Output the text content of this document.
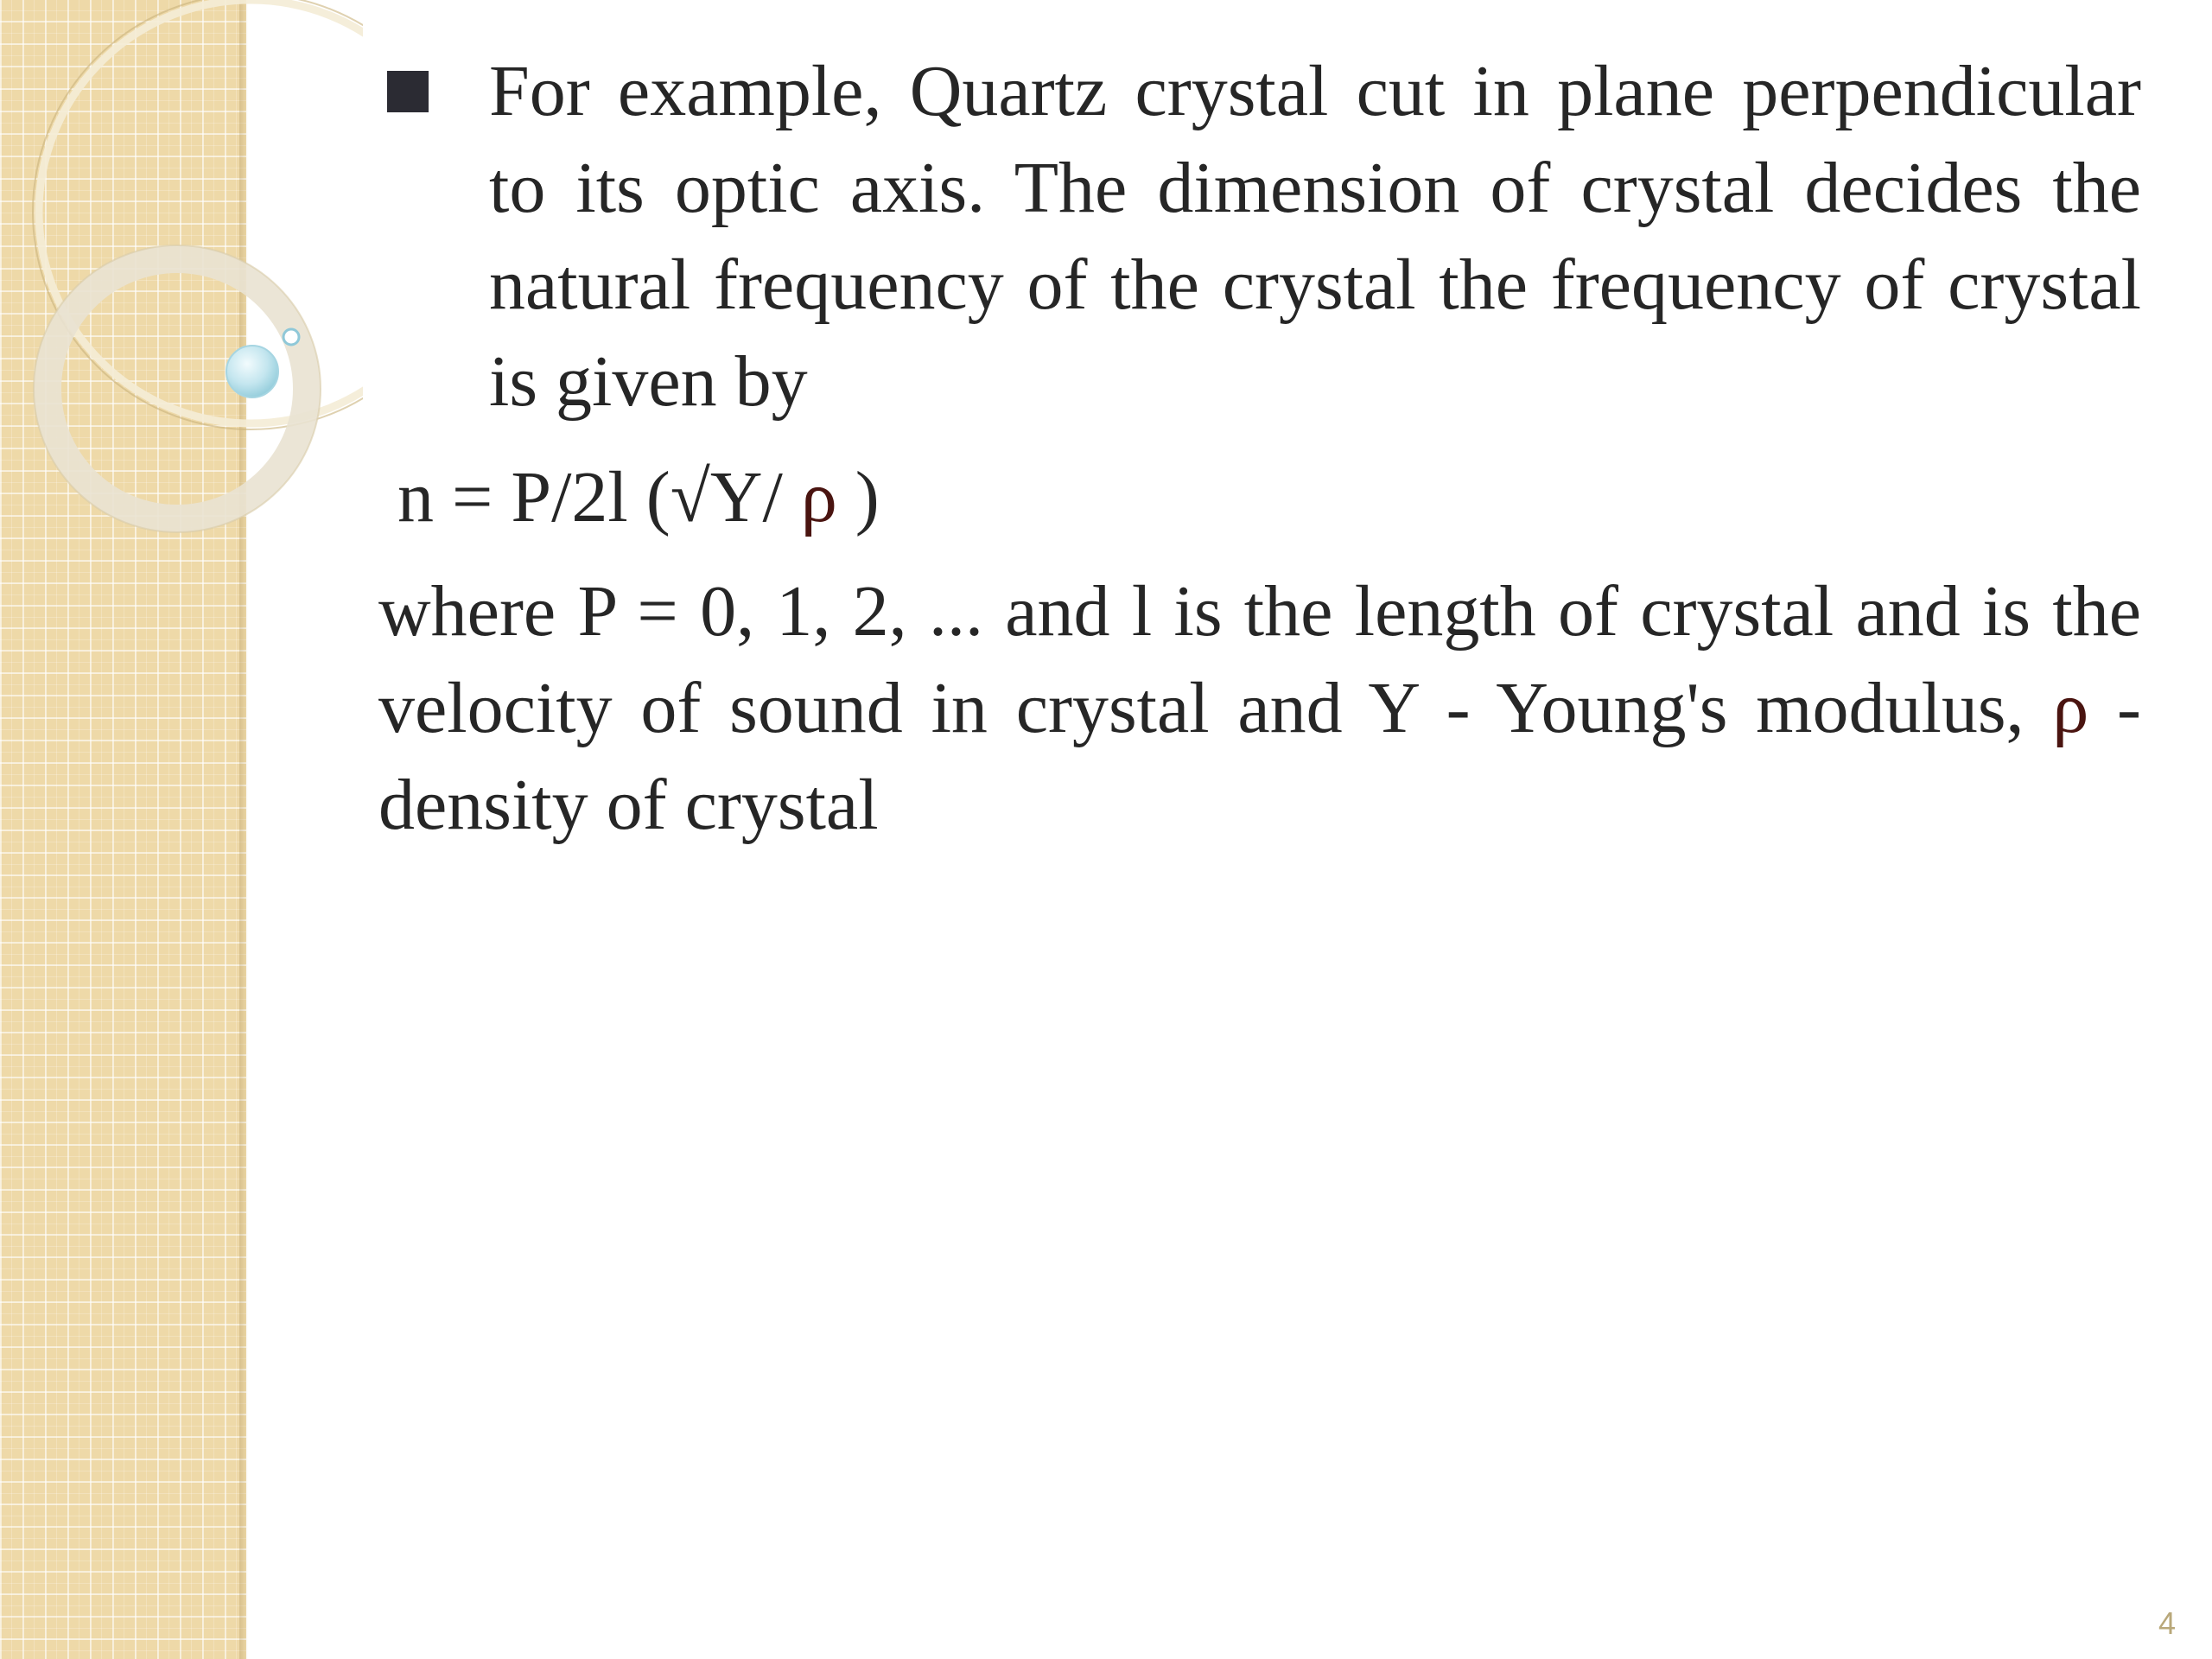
For example, Quartz crystal cut in plane perpendicular to its optic axis. The dimension of crystal decides the natural frequency of the crystal the frequency of crystal is given by

n = P/2l (√Y/ ρ )

where P = 0, 1, 2, ... and l is the length of crystal and is the velocity of sound in crystal and Y - Young's modulus, ρ - density of crystal

4
